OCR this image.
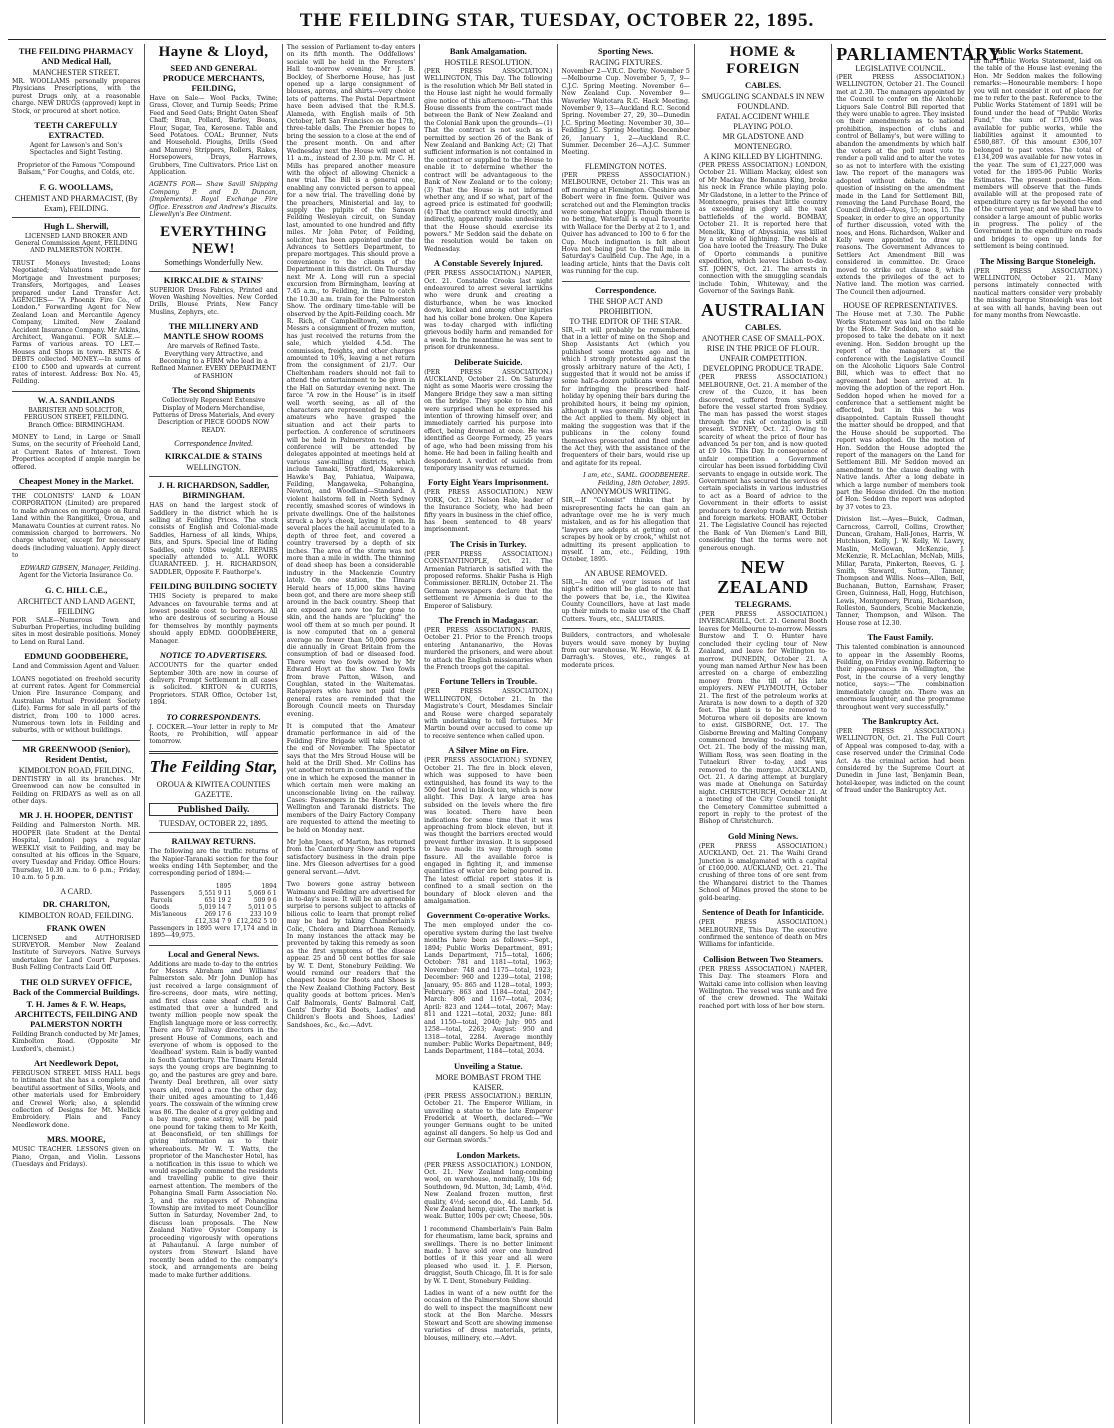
THE FEILDING STAR, TUESDAY, OCTOBER 22, 1895.
THE FEILDING PHARMACY AND Medical Hall,
MANCHESTER STREET.
MR. WOOLLAMS personally prepares Physicians Prescriptions, with the purest Drugs only, at a reasonable charge. NEW DRUGS (approved) kept in Stock, or procured at short notice.
TEETH CAREFULLY EXTRACTED.
Agent for Lawson's and Son's Spectacles and Sight Testing.
Proprietor of the Famous "Compound Balsam," For Coughs, and Colds, etc.
F. G. WOOLLAMS,
CHEMIST AND PHARMACIST, (By Exam), FEILDING.
Hugh L. Sherwill,
LICENSED LAND BROKER AND General Commission Agent, FEILDING AND PALMERSTON NORTH.
TRUST Moneys Invested; Loans Negotiated; Valuations made for Mortgage and Investment purposes; Transfers, Mortgages, and Leases prepared under Land Transfer Act. AGENCIES— "A Phoenix Fire Co., of London." Forwarding Agent for New Zealand Loan and Mercantile Agency Company, Limited. New Zealand Accident Insurance Company. Mr Atkins, Architect, Wanganui. FOR SALE.—Farms of various areas. TO LET.—Houses and Shops in town. RENTS & DEBTS collected. MONEY.—In sums of £100 to £500 and upwards at current rates of interest. Address: Box No. 45, Feilding.
W. A. SANDILANDS
BARRISTER AND SOLICITOR, FERGUSON STREET, FEILDING. Branch Office: BIRMINGHAM.
MONEY to Lend, in Large or Small Sums, on the security of Freehold Land, at Current Rates of Interest. Town Properties accepted if ample margin be offered.
Cheapest Money in the Market.
THE COLONISTS' LAND & LOAN CORPORATION (Limited) are prepared to make advances on mortgage on Rural Land within the Rangitikei, Oroua, and Manawatu Counties at current rates. No commission charged to borrowers. No charge whatever, except for necessary deeds (including valuation). Apply direct to
EDWARD GIBSEN, Manager, Feilding.
Agent for the Victoria Insurance Co.
G. C. HILL C.E.,
ARCHITECT AND LAND AGENT, FEILDING
FOR SALE—Numerous Town and Suburban Properties, including building sites in most desirable positions. Money to Lend on Rural Land.
EDMUND GOODBEHERE,
Land and Commission Agent and Valuer.
LOANS negotiated on freehold security at current rates. Agent for Commercial Union Fire Insurance Company, and Australian Mutual Provident Society (Life). Farms for sale in all parts of the district, from 100 to 1000 acres. Numerous town lots in Feilding and suburbs, with or without buildings.
MR GREENWOOD (Senior), Resident Dentist,
KIMBOLTON ROAD, FEILDING.
DENTISTRY in all its branches. Mr Greenwood can now be consulted in Feilding on FRIDAYS as well as on all other days.
MR J. H. HOOPER, DENTIST
Feilding and Palmerston North. MR. HOOPER (late Student at the Dental Hospital, London) pays a regular WEEKLY visit to Feilding, and may be consulted at his offices in the Square, every Tuesday and Friday. Office Hours: Thursday, 10.30 a.m. to 6 p.m.; Friday, 10 a.m. to 5 p.m.
A CARD.
DR. CHARLTON,
KIMBOLTON ROAD, FEILDING.
FRANK OWEN
LICENSED and AUTHORISED SURVEYOR. Member New Zealand Institute of Surveyors. Native Surveys undertaken for Land Court Purposes. Bush Felling Contracts Laid Off.
THE OLD SURVEY OFFICE, Back of the Commercial Buildings.
T. H. James & F. W. Heaps, ARCHITECTS, FEILDING AND PALMERSTON NORTH
Feilding Branch conducted by Mr James, Kimbolton Road. (Opposite Mr Luxford's, chemist.)
Art Needlework Depot,
FERGUSON STREET. MISS HALL begs to intimate that she has a complete and beautiful assortment of Silks, Wools, and other materials used for Embroidery and Crewel Work; also, a splendid collection of Designs for Mt. Mellick Embroidery. Plain and Fancy Needlework done.
MRS. MOORE,
MUSIC TEACHER. LESSONS given on Piano, Organ, and Violin. Lessons (Tuesdays and Fridays).
Hayne & Lloyd,
SEED AND GENERAL PRODUCE MERCHANTS, FEILDING,
Have on Sale— Wool Packs, Twine; Grass, Clover, and Turnip Seeds; Prime Feed and Seed Oats; Bright Oaten Sheaf Chaff; Bran, Pollard, Barley, Beans, Flour, Sugar, Tea, Kerosene. Table and Seed Potatoes. COAL: Brunner, Nuts and Household. Ploughs, Drills (Seed and Manure) Strippers, Rollers, Rakes, Horsepowers, Drays, Harrows, Grubbers, Tine Cultivators. Price List on Application.
AGENTS FOR— Shaw Savill Shipping Company. P. and D. Duncan, (Implements). Royal Exchange Fire Office. Eresstron and Andrew's Biscuits. Llewellyn's Bee Ointment.
EVERYTHING NEW!
Somethings Wonderfully New.
KIRKCALDIE & STAINS'
SUPERIOR Dress Fabrics, Printed and Woven Washing Novelties. New Corded Drills, Blouse Prints, New Fancy Muslins, Zephyrs, etc.
THE MILLINERY AND MANTLE SHOW ROOMS
Are marvels of Refined Taste. Everything very Attractive, and Becoming to a FIRM who lead in a Refined Manner. EVERY DEPARTMENT of FASHION
The Second Shipments
Collectively Represent Extensive Display of Modern Merchandise, Patterns of Dress Materials, And every Description of PIECE GOODS NOW READY.
Correspondence Invited.
KIRKCALDIE & STAINS
WELLINGTON.
J. H. RICHARDSON, Saddler, BIRMINGHAM.
HAS on hand the largest stock of Saddlery in the district which he is selling at Feilding Prices. The stock consists of English and Colonial-made Saddles, Harness of all kinds, Whips, Bits, and Spurs. Special line of Riding Saddles, only 10lbs weight. REPAIRS specially attended to. ALL WORK GUARANTEED. J. H. RICHARDSON, SADDLER, Opposite F. Fauthorpe's.
FEILDING BUILDING SOCIETY
THIS Society is prepared to make Advances on favourable terms and at lowest possible cost to borrowers. All who are desirous of securing a House for themselves by monthly payments should apply EDMD. GOODBEHERE, Manager.
NOTICE TO ADVERTISERS.
ACCOUNTS for the quarter ended September 30th are now in course of delivery. Prompt Settlement in all cases is solicited. KIRTON & CURTIS, Proprietors. STAR Office, October 1st, 1894.
TO CORRESPONDENTS.
J. COCKER.—Your letter in reply to Mr Roots, re Prohibition, will appear tomorrow.
The Feilding Star,
OROUA & KIWITEA COUNTIES GAZETTE.
Published Daily.
TUESDAY, OCTOBER 22, 1895.
RAILWAY RETURNS.
The following are the traffic returns of the Napier-Taranaki section for the four weeks ending 14th September, and the corresponding period of 1894:—
	1895	1894
Passengers	5,551 9 11	5,069 6 1
Parcels	651 19 2	509 9 6
Goods	5,019 14 7	5,011 0 5
Mis'laneous	269 17 6	233 10 9
	£12,334 7 9	£12,262 5 10
Passengers in 1895 were 17,174 and in 1895—49,975.
Local and General News.
Additions are made to-day to the entries for Messrs Abraham and Williams' Palmerston sale. Mr John Dunlop has just received a large consignment of fire-screens, door mats, wire netting, and first class cane sheaf chaff. It is estimated that over a hundred and twenty million people now speak the English language more or less correctly. There are 67 railway directors in the present House of Commons, each and everyone of whom is opposed to the 'deadhead' system. Rain is badly wanted in South Canterbury. The Timaru Herald says the young crops are beginning to go, and the pastures are grey and bare. Twenty Deal brethren, all over sixty years old, rowed a race the other day, their united ages amounting to 1,446 years. The coxswain of the winning crew was 86. The dealer of a grey gelding and a bay mare, gone astray, will be paid one pound for taking them to Mr Keith, at Beaconsfield, or ten shillings for giving information as to their whereabouts. Mr W. T. Watts, the proprietor of the Manchester Hotel, has a notification in this issue to which we would especially commend the residents and travelling public to give their earnest attention. The members of the Pohangina Small Farm Association No. 3, and the ratepayers of Pohangina Township are invited to meet Councillor Sutton in Saturday, November 2nd, to discuss loan proposals. The New Zealand Native Oyster Company is proceeding vigorously with operations at Pahautanui. A large number of oysters from Stewart Island have recently been added to the company's stock, and arrangements are being made to make further additions.
The session of Parliament to-day enters on its fifth month. The Oddfellows' sociale will be held in the Foresters' Hall to-morrow evening. Mr J. B. Bockley, of Sherborne House, has just opened up a large consignment of blouses, aprons, and shirts—very choice lots of patterns. The Postal Department have been advised that the R.M.S. Alameda, with English mails of 5th October, left San Francisco on the 17th, three-table dalls. The Premier hopes to bring the session to a close at the end of the present month. On and after Wednesday next the House will meet at 11 a.m., instead of 2.30 p.m. Mr C. H. Mills has prepared another measure with the object of allowing Chenick a new trial. The Bill is a general one, enabling any convicted person to appeal for a new trial. The travelling done by the preachers, Ministerial and lay, to supply the pulpits of the Sanson Feilding Wesleyan circuit, on Sunday last, amounted to one hundred and fifty miles. Mr John Peter, of Feilding, solicitor, has been appointed under the Advances to Settlers Department, to prepare mortgages. This should prove a convenience to the clients of the Department in this district. On Thursday next Mr A. Long will run a special excursion from Birmingham, leaving at 7.45 a.m., to Feilding, in time to catch the 10.30 a.m. train for the Palmerston Show. The ordinary time-table will be observed by the Apiti-Feilding coach. Mr R. Rich, of Campbelltown, who sent Messrs a consignment of frozen mutton, has just received the returns from the sale, which yielded 4.5d. The commission, freights, and other charges amounted to 10%, leaving a net return from the consignment of 21/7. Our Cheltenham readers should not fail to attend the entertainment to be given in the Hall on Saturday evening next. The farce "A row in the House" is in itself well worth seeing, as all of the characters are represented by capable amateurs who have grasped the situation and act their parts to perfection. A conference of scrutineers will be held in Palmerston to-day. The conference will be attended by delegates appointed at meetings held at various saw-milling districts, which include Tamaki, Stratford, Makerewa, Hawke's Bay, Pahiatua, Waipawa, Feilding, Mangaweka, Pohangina, Newton, and Woodland—Standard. A violent hailstorm fell in North Sydney recently, smashed scores of windows in private dwellings. One of the hailstones struck a boy's cheek, laying it open. In several places the hail accumulated to a depth of three feet, and covered a country traversed by a depth of six inches. The area of the storm was not more than a mile in width. The thinning of dead sheep has been a considerable industry in the Mackenzie Country lately. On one station, the Timaru Herald hears of 15,000 skins having been got, and there are more sheep still around in the back country. Sheep that are exposed are now too far gone to skin, and the hands are "plucking" the wool off them at so much per pound. It is now computed that on a general average no fewer than 50,000 persons die annually in Great Britain from the consumption of bad or diseased food. There were two fowls owned by Mr Edward Hoyt at the show. Two fowls from brave Patton, Wilson, and Coughlan, stated in the Waitematas. Ratepayers who have not paid their general rates are reminded that the Borough Council meets on Thursday evening.
It is computed that the Amateur dramatic performance in aid of the Feilding Fire Brigade will take place at the end of November. The Spectator says that the Mrs Stroud House will be held at the Drill Shed. Mr Collins has yet another return in continuation of the one in which he exposed the manner in which certain men were making an unconscionable living on the railway. Cases: Passengers in the Hawke's Bay, Wellington and Taranaki districts. The members of the Dairy Factory Company are requested to attend the meeting to be held on Monday next.
Mr John Jones, of Marton, has returned from the Canterbury Show and reports satisfactory business in the drain pipe line. Mrs Gleeson advertises for a good general servant.—Advt.
Two bowers gone astray between Waimanu and Feilding are advertised for in to-day's issue. It will be an agreeable surprise to persons subject to attacks of bilious colic to learn that prompt relief may be had by taking Chamberlain's Colic, Cholera and Diarrhoea Remedy. In many instances the attack may be prevented by taking this remedy as soon as the first symptoms of the disease appear. 25 and 50 cent bottles for sale by W. T. Dent, Stonebury Feilding. We would remind our readers that the cheapest house for Boots and Shoes is the New Zealand Clothing Factory. Best quality goods at bottom prices. Men's Calf Balmorals, Gents' Balmoral Calf, Gents' Derby Kid Boots, Ladies' and Children's Boots and Shoes, Ladies' Sandshoes, &c., &c.—Advt.
Bank Amalgamation.
HOSTILE RESOLUTION.
(PER PRESS ASSOCIATION.) WELLINGTON, This Day. The following is the resolution which Mr Bell stated in the House last night he would formally give notice of this afternoon:—"That this House dissents from the contract made between the Bank of New Zealand and the Colonial Bank upon the grounds—(1) That the contract is not such as is permitted by section 26 of the Bank of New Zealand and Banking Act; (2) That sufficient information is not contained in the contract or supplied to the House to enable it to determine whether the contract will be advantageous to the Bank of New Zealand or to the colony; (3) That the House is not informed whether any, and if so what, part of the agreed price is estimated for goodwill; (4) That the contract would directly, and indirectly, apparently make undesirable that the House should exercise its powers." Mr Seddon said the debate on the resolution would be taken on Wednesday.
A Constable Severely Injured.
(PER PRESS ASSOCIATION.) NAPIER, Oct. 21. Constable Crooks last night endeavoured to arrest several larrikins who were drunk and creating a disturbance, when he was knocked down, kicked and among other injuries had his collar bone broken. One Kapera was to-day charged with inflicting grievous bodily harm and remanded for a week. In the meantime he was sent to prison for drunkenness.
Deliberate Suicide.
(PER PRESS ASSOCIATION.) AUCKLAND, October 21. On Saturday night as some Maoris were crossing the Mangere Bridge they saw a man sitting on the bridge. They spoke to him and were surprised when he expressed his intention of throwing himself over, and immediately carried his purpose into effect, being drowned at once. He was identified as George Formedy, 25 years of age, who had been missing from his home. He had been in failing health and despondent. A verdict of suicide from temporary insanity was returned.
Forty Eight Years Imprisonment.
(PER PRESS ASSOCIATION.) NEW YORK, Oct. 21. Nelson Hale, leader of the Insurance Society, who had been fifty years in business in the chief office, has been sentenced to 48 years' imprisonment.
The Crisis in Turkey.
(PER PRESS ASSOCIATION.) CONSTANTINOPLE, Oct. 21. The Armenian Patriarch is satisfied with the proposed reforms. Shakir Pasha is High Commissioner. BERLIN, October 21. The German newspapers declare that the settlement re Armenia is due to the Emperor of Salisbury.
The French in Madagascar.
(PER PRESS ASSOCIATION.) PARIS, October 21. Prior to the French troops entering Antananarivo, the Hovas murdered the prisoners, and were about to attack the English missionaries when the French troops got the capital.
Fortune Tellers in Trouble.
(PER PRESS ASSOCIATION.) WELLINGTON, October 21. In the Magistrate's Court, Mesdames Sinclair and Rouse were charged separately with undertaking to tell fortunes. Mr Martin bound over accused to come up to receive sentence when called upon.
A Silver Mine on Fire.
(PER PRESS ASSOCIATION.) SYDNEY, October 21. The fire in block eleven, which was supposed to have been extinguished, has found its way to the 500 feet level in block ten, which is now alight. This Day. A large area has subsided on the levels where the fire was located. There have been indications for some time that it was approaching from block eleven, but it was thought the barriers erected would prevent further invasion. It is supposed to have made its way through some fissure. All the available force is engaged in fighting it, and immense quantities of water are being poured in. The latest official report states it is confined to a small section on the boundary of block eleven and the amalgamation.
Government Co-operative Works.
The men employed under the co-operative system during the last twelve months have been as follows:—Sept., 1894; Public Works Department, 891; Lands Department, 715—total, 1606; October: 781 and 1181—total, 1963; November: 748 and 1175—total, 1923; December: 960 and 1239—total, 2198; January, 95: 865 and 1128—total, 1993; February: 863 and 1184—total, 2047; March: 806 and 1167—total, 2034; April: 823 and 1244—total, 2067; May: 811 and 1221—total, 2032; June: 881 and 1150—total, 2040; July: 905 and 1258—total, 2263; August: 950 and 1318—total, 2284. Average monthly number: Public Works Department, 849; Lands Department, 1184—total, 2034.
Unveiling a Statue.
MORE BOMBAST FROM THE KAISER.
(PER PRESS ASSOCIATION.) BERLIN, October 21. The Emperor William, in unveiling a statue to the late Emperor Frederick at Woerth, declared:—"We younger Germans ought to be united against all dangers. So help us God and our German swords."
London Markets.
(PER PRESS ASSOCIATION.) LONDON, Oct. 21. New Zealand long-combing wool, on warehouse, nominally, 10s 6d; Southdown, 9d. Mutton, 3d; Lamb, 4½d. New Zealand frozen mutton, first quality, 4½d; second do., 4d. Lamb, 5d. New Zealand hemp, quiet. The market is weak. Butter, 100s per cwt; Cheese, 50s.
I recommend Chamberlain's Pain Balm for rheumatism, lame back, sprains and swellings. There is no better liniment made. I have sold over one hundred bottles of it this year and all were pleased who used it. J. F. Pierson, druggist, South Chicago, Ill. It is for sale by W. T. Dent, Stonebury Feilding.
Ladies in want of a new outfit for the occasion of the Palmerston Show should do well to inspect the magnificent new stock at the Bon Marche. Messrs Stewart and Scott are showing immense varieties of dress materials, prints, blouses, millinery, etc.—Advt.
Sporting News.
RACING FIXTURES.
November 2—V.R.C. Derby. November 5—Melbourne Cup. November 5, 7, 9—C.J.C. Spring Meeting. November 6—New Zealand Cup. November 9—Waverley Waitotara R.C. Hack Meeting. November 9, 13—Auckland R.C. Second Spring. November 27, 29, 30—Dunedin J.C. Spring Meeting. November 30, 30—Feilding J.C. Spring Meeting. December 26, January 1, 2—Auckland R.C. Summer. December 26—A.J.C. Summer Meeting.
FLEMINGTON NOTES.
(PER PRESS ASSOCIATION.) MELBOURNE, October 21. This was an off morning at Flemington. Cheshire and Bobert were in fine form. Quiver was scratched out and the Flemington tracks were somewhat sloppy. Though there is no betting, Waterfall is equal favourite with Wallace for the Derby at 2 to 1, and Quiver has advanced to 100 to 6 for the Cup. Much indignation is felt about Hova not being put to the full mile in Saturday's Caulfield Cup. The Age, in a leading article, hints that the Davis colt was running for the cup.
Correspondence.
THE SHOP ACT AND PROHIBITION.
TO THE EDITOR OF THE STAR.
SIR,—It will probably be remembered that in a letter of mine on the Shop and Shop Assistants Act (which you published some months ago and in which I strongly protested against the grossly arbitrary nature of the Act), I suggested that it would not be amiss if some half-a-dozen publicans were fined for infringing the prescribed half-holiday by opening their bars during the prohibited hours, it being my opinion, although it was generally disliked, that the Act applied to them. My object in making the suggestion was that if the publicans in the colony found themselves prosecuted and fined under the Act they, with the assistance of the frequenters of their bars, would rise up and agitate for its repeal.
I am, etc., SAML. GOODBEHERE. Feilding, 18th October, 1895.
ANONYMOUS WRITING.
SIR,—If "Colonist" thinks that by misrepresenting facts he can gain an advantage over me he is very much mistaken, and as for his allegation that "lawyers are adepts at getting out of scrapes by hook or by crook," whilst not admitting its present application to myself. I am, etc., Feilding, 19th October, 1895.
AN ABUSE REMOVED.
SIR,—In one of your issues of last night's edition will be glad to note that the powers that be, i.e., the Kiwitea County Councillors, have at last made up their minds to make use of the Chaff Cutters. Yours, etc., SALUTARIS.
Builders, contractors, and wholesale buyers would save money by buying from our warehouse. W. Howie, W. & D. Darragh's. Stoves, etc., ranges at moderate prices.
HOME & FOREIGN
CABLES.
SMUGGLING SCANDALS IN NEW FOUNDLAND.
FATAL ACCIDENT WHILE PLAYING POLO.
MR GLADSTONE AND MONTENEGRO.
A KING KILLED BY LIGHTNING.
(PER PRESS ASSOCIATION.) LONDON, October 21. William Mackay, eldest son of Mr Mackay the Bonanza King, broke his neck in France while playing polo. Mr Gladstone, in a letter to the Prince of Montenegro, praises that little country as exceeding in glory all the vast battlefields of the world. BOMBAY, October 21. It is reported here that Menelik, King of Abyssinia, was killed by a stroke of lightning. The rebels at Goa have looted the Treasury. The Duke of Oporto commands a punitive expedition, which leaves Lisbon to-day. ST. JOHN'S, Oct. 21. The arrests in connection with the smuggling scandals include Tobin, Whiteway, and the Governor of the Savings Bank.
AUSTRALIAN
CABLES.
ANOTHER CASE OF SMALL-POX.
RISE IN THE PRICE OF FLOUR.
UNFAIR COMPETITION.
DEVELOPING PRODUCE TRADE.
(PER PRESS ASSOCIATION.) MELBOURNE, Oct. 21. A member of the crew of the Cuzco, it has been discovered, suffered from small-pox before the vessel started from Sydney. The man has passed the worst stages through the risk of contagion is still present. SYDNEY, Oct. 21. Owing to scarcity of wheat the price of flour has advanced 5s per ton, and is now quoted at £9 10s. This Day. In consequence of unfair competition a Government circular has been issued forbidding Civil servants to engage in outside work. The Government has secured the services of certain specialists in various industries to act as a Board of advice to the Government in their efforts to assist producers to develop trade with British and foreign markets. HOBART, October 21. The Legislative Council has rejected the Bank of Van Diemen's Land Bill, considering that the terms were not generous enough.
NEW ZEALAND
TELEGRAMS.
(PER PRESS ASSOCIATION.) INVERCARGILL, Oct. 21. General Booth leaves for Melbourne to-morrow. Messrs Burstow and T. O. Hunter have concluded their cycling tour of New Zealand, and leave for Wellington to-morrow. DUNEDIN, October 21. A young man named Arthur New has been arrested on a charge of embezzling money from the till of his late employers. NEW PLYMOUTH, October 21. The first of the petroleum works at Ararata is now down to a depth of 320 feet. The plant is to be removed to Moturoa where oil deposits are known to exist. GISBORNE, Oct. 17. The Gisborne Brewing and Malting Company commenced brewing to-day. NAPIER, Oct. 21. The body of the missing man, William Ross, was seen floating in the Tutaekuri River to-day, and was removed to the morgue. AUCKLAND, Oct. 21. A daring attempt at burglary was made at Onehunga on Saturday night. CHRISTCHURCH, October 21. At a meeting of the City Council tonight the Cemetery Committee submitted a report in reply to the protest of the Bishop of Christchurch.
Gold Mining News.
(PER PRESS ASSOCIATION.) AUCKLAND, Oct. 21. The Waihi Grand Junction is amalgamated with a capital of £160,000. AUCKLAND, Oct. 21. The crushing of three tons of ore sent from the Whangarei district to the Thames School of Mines proved the stone to be gold-bearing.
Sentence of Death for Infanticide.
(PER PRESS ASSOCIATION.) MELBOURNE, This Day. The executive confirmed the sentence of death on Mrs Williams for infanticide.
Collision Between Two Steamers.
(PER PRESS ASSOCIATION.) NAPIER, This Day. The steamers Flora and Waitaki came into collision when leaving Wellington. The vessel was sunk and five of the crew drowned. The Waitaki reached port with loss of her bow stern.
PARLIAMENTARY.
LEGISLATIVE COUNCIL.
(PER PRESS ASSOCIATION.) WELLINGTON, October 21. The Council met at 2.30. The managers appointed by the Council to confer on the Alcoholic Liquors Sale Control Bill reported that they were unable to agree. They insisted on their amendments as to national prohibition, inspection of clubs and control of Bellamy's, but were willing to abandon the amendments by which half the voters at the poll must vote to render a poll valid and to alter the votes so as not to interfere with the existing law. The report of the managers was adopted without debate. On the question of insisting on the amendment made in the Land for Settlement Bill, removing the Land Purchase Board, the Council divided—Ayes, 15; noes, 15. The Speaker, in order to give an opportunity of further discussion, voted with the noes, and Hons. Richardson, Walker and Kelly were appointed to draw up reasons. The Government Advances to Settlers Act Amendment Bill was considered in committee. Dr. Grace moved to strike out clause 8, which extends the privileges of the act to Native land. The motion was carried. The Council then adjourned.
HOUSE OF REPRESENTATIVES.
The House met at 7.30. The Public Works Statement was laid on the table by the Hon. Mr Seddon, who said he proposed to take the debate on it next evening. Hon. Seddon brought up the report of the managers at the conference with the Legislative Council on the Alcoholic Liquors Sale Control Bill, which was to effect that no agreement had been arrived at. In moving the adoption of the report Hon. Seddon hoped when he moved for a conference that a settlement might be effected, but in this he was disappointed. Captain Russell thought the matter should be dropped, and that the House should be supported. The report was adopted. On the motion of Hon. Seddon the House adopted the report of the managers on the Land for Settlement Bill. Mr Seddon moved an amendment to the clause dealing with Native lands. After a long debate in which a large number of members took part the House divided. On the motion of Hon. Seddon the report was adopted by 37 votes to 23.
Division list.—Ayes—Buick, Cadman, Carncross, Carroll, Collins, Crowther, Duncan, Graham, Hall-Jones, Harris, W. Hutchison, Kelly, J. W. Kelly, W. Lawry, Maslin, McGowan, McKenzie, J. McKenzie, R. McLachlan, McNab, Mills, Millar, Parata, Pinkerton, Reeves, G. J. Smith, Steward, Sutton, Tanner, Thompson and Willis. Noes—Allen, Bell, Buchanan, Button, Earnshaw, Fraser, Green, Guinness, Hall, Hogg, Hutchison, Lewis, Montgomery, Pirani, Richardson, Rolleston, Saunders, Scobie Mackenzie, Tanner, Thompson, and Wilson. The House rose at 12.30.
The Faust Family.
This talented combination is announced to appear in the Assembly Rooms, Feilding, on Friday evening. Referring to their appearances in Wellington, the Post, in the course of a very lengthy notice, says:—"The combination immediately caught on. There was an enormous laughter, and the programme throughout went very successfully."
The Bankruptcy Act.
(PER PRESS ASSOCIATION.) WELLINGTON, Oct. 21. The Full Court of Appeal was composed to-day, with a case reserved under the Criminal Code Act. As the criminal action had been considered by the Supreme Court at Dunedin in June last, Benjamin Bean, hotel-keeper, was indicted on the count of fraud under the Bankruptcy Act.
Public Works Statement.
In the Public Works Statement, laid on the table of the House last evening the Hon. Mr Seddon makes the following remarks:—Honourable members: I hope you will not consider it out of place for me to refer to the past. Reference to the Public Works Statement of 1891 will be found under the head of "Public Works Fund," the sum of £715,096 was available for public works, while the liabilities against it amounted to £580,887. Of this amount £306,107 belonged to past votes. The total of £134,209 was available for new votes in the year. The sum of £1,227,000 was voted for the 1895-96 Public Works Estimates. The present position—Hon. members will observe that the funds available will at the proposed rate of expenditure carry us far beyond the end of the current year, and we shall have to consider a large amount of public works in progress. The policy of the Government in the expenditure on roads and bridges to open up lands for settlement is being continued.
The Missing Barque Stoneleigh.
(PER PRESS ASSOCIATION.) WELLINGTON, October 21. Many persons intimately connected with nautical matters consider very probably the missing barque Stoneleigh was lost at sea with all hands, having been out for many months from Newcastle.
